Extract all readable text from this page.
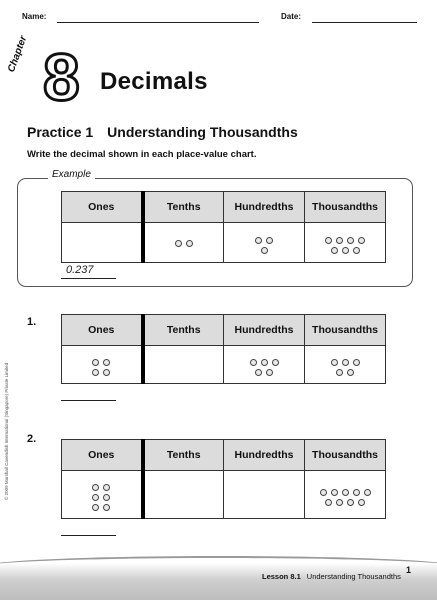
Name:	Date:
Chapter 8 Decimals
Practice 1 Understanding Thousandths
Write the decimal shown in each place-value chart.
Example
Ones	Tenths	Hundredths	Thousandths

0.237
1.
Ones	Tenths	Hundredths	Thousandths

2.
Ones	Tenths	Hundredths	Thousandths

© 2009 Marshall Cavendish International (Singapore) Private Limited
Lesson 8.1 Understanding Thousandths
1
